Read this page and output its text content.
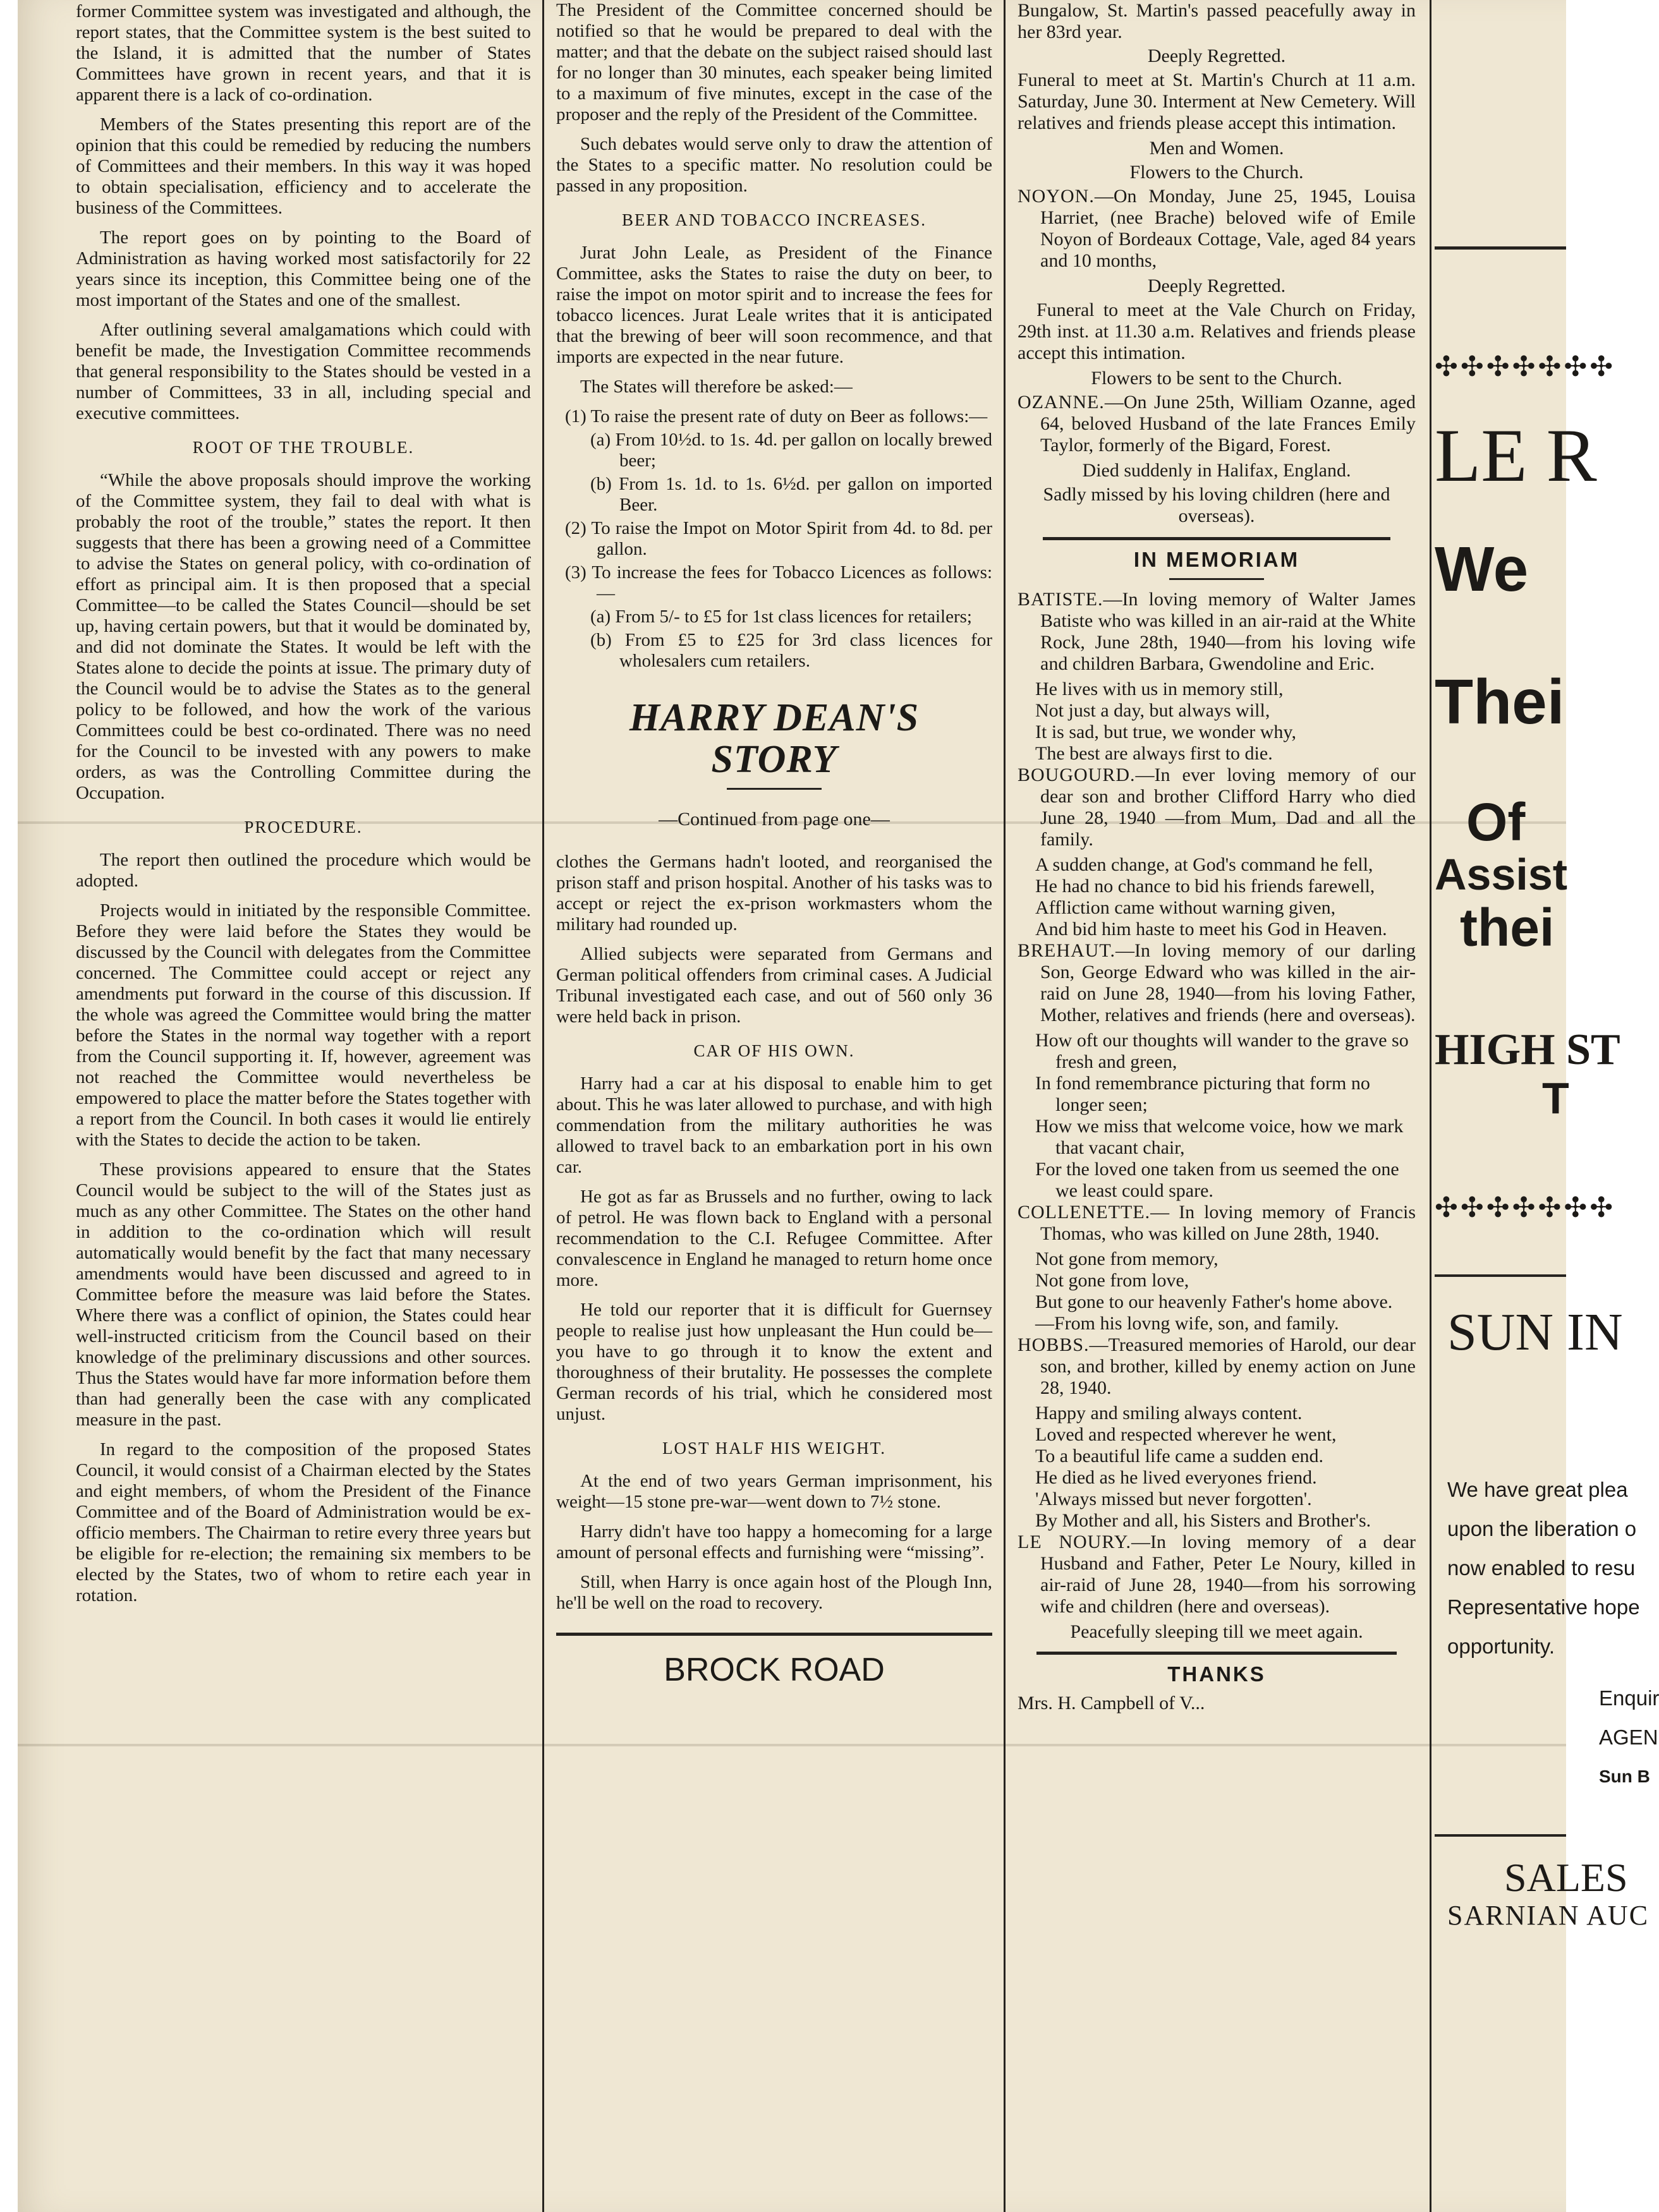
former Committee system was investigated and although, the report states, that the Committee system is the best suited to the Island, it is admitted that the number of States Committees have grown in recent years, and that it is apparent there is a lack of co-ordination.

Members of the States presenting this report are of the opinion that this could be remedied by reducing the numbers of Committees and their members. In this way it was hoped to obtain specialisation, efficiency and to accelerate the business of the Committees.

The report goes on by pointing to the Board of Administration as having worked most satisfactorily for 22 years since its inception, this Committee being one of the most important of the States and one of the smallest.

After outlining several amalgamations which could with benefit be made, the Investigation Committee recommends that general responsibility to the States should be vested in a number of Committees, 33 in all, including special and executive committees.

ROOT OF THE TROUBLE.

“While the above proposals should improve the working of the Committee system, they fail to deal with what is probably the root of the trouble,” states the report. It then suggests that there has been a growing need of a Committee to advise the States on general policy, with co-ordination of effort as principal aim. It is then proposed that a special Committee—to be called the States Council—should be set up, having certain powers, but that it would be dominated by, and did not dominate the States. It would be left with the States alone to decide the points at issue. The primary duty of the Council would be to advise the States as to the general policy to be followed, and how the work of the various Committees could be best co-ordinated. There was no need for the Council to be invested with any powers to make orders, as was the Controlling Committee during the Occupation.

PROCEDURE.

The report then outlined the procedure which would be adopted.

Projects would in initiated by the responsible Committee. Before they were laid before the States they would be discussed by the Council with delegates from the Committee concerned. The Committee could accept or reject any amendments put forward in the course of this discussion. If the whole was agreed the Committee would bring the matter before the States in the normal way together with a report from the Council supporting it. If, however, agreement was not reached the Committee would nevertheless be empowered to place the matter before the States together with a report from the Council. In both cases it would lie entirely with the States to decide the action to be taken.

These provisions appeared to ensure that the States Council would be subject to the will of the States just as much as any other Committee. The States on the other hand in addition to the co-ordination which will result automatically would benefit by the fact that many necessary amendments would have been discussed and agreed to in Committee before the measure was laid before the States. Where there was a conflict of opinion, the States could hear well-instructed criticism from the Council based on their knowledge of the preliminary discussions and other sources. Thus the States would have far more information before them than had generally been the case with any complicated measure in the past.

In regard to the composition of the proposed States Council, it would consist of a Chairman elected by the States and eight members, of whom the President of the Finance Committee and of the Board of Administration would be ex-officio members. The Chairman to retire every three years but be eligible for re-election; the remaining six members to be elected by the States, two of whom to retire each year in rotation.

The President of the Committee concerned should be notified so that he would be prepared to deal with the matter; and that the debate on the subject raised should last for no longer than 30 minutes, each speaker being limited to a maximum of five minutes, except in the case of the proposer and the reply of the President of the Committee.

Such debates would serve only to draw the attention of the States to a specific matter. No resolution could be passed in any proposition.

BEER AND TOBACCO INCREASES.

Jurat John Leale, as President of the Finance Committee, asks the States to raise the duty on beer, to raise the impot on motor spirit and to increase the fees for tobacco licences. Jurat Leale writes that it is anticipated that the brewing of beer will soon recommence, and that imports are expected in the near future.

The States will therefore be asked:—

(1) To raise the present rate of duty on Beer as follows:—

(a) From 10½d. to 1s. 4d. per gallon on locally brewed beer;

(b) From 1s. 1d. to 1s. 6½d. per gallon on imported Beer.

(2) To raise the Impot on Motor Spirit from 4d. to 8d. per gallon.

(3) To increase the fees for Tobacco Licences as follows:—

(a) From 5/- to £5 for 1st class licences for retailers;

(b) From £5 to £25 for 3rd class licences for wholesalers cum retailers.

HARRY DEAN'S
STORY
—Continued from page one—

clothes the Germans hadn't looted, and reorganised the prison staff and prison hospital. Another of his tasks was to accept or reject the ex-prison workmasters whom the military had rounded up.

Allied subjects were separated from Germans and German political offenders from criminal cases. A Judicial Tribunal investigated each case, and out of 560 only 36 were held back in prison.

CAR OF HIS OWN.

Harry had a car at his disposal to enable him to get about. This he was later allowed to purchase, and with high commendation from the military authorities he was allowed to travel back to an embarkation port in his own car.

He got as far as Brussels and no further, owing to lack of petrol. He was flown back to England with a personal recommendation to the C.I. Refugee Committee. After convalescence in England he managed to return home once more.

He told our reporter that it is difficult for Guernsey people to realise just how unpleasant the Hun could be—you have to go through it to know the extent and thoroughness of their brutality. He possesses the complete German records of his trial, which he considered most unjust.

LOST HALF HIS WEIGHT.

At the end of two years German imprisonment, his weight—15 stone pre-war—went down to 7½ stone.

Harry didn't have too happy a homecoming for a large amount of personal effects and furnishing were “missing”.

Still, when Harry is once again host of the Plough Inn, he'll be well on the road to recovery.

BROCK ROAD

Bungalow, St. Martin's passed peacefully away in her 83rd year.

Deeply Regretted.

Funeral to meet at St. Martin's Church at 11 a.m. Saturday, June 30. Interment at New Cemetery. Will relatives and friends please accept this intimation.

Men and Women.

Flowers to the Church.

NOYON.—On Monday, June 25, 1945, Louisa Harriet, (nee Brache) beloved wife of Emile Noyon of Bordeaux Cottage, Vale, aged 84 years and 10 months,

Deeply Regretted.

Funeral to meet at the Vale Church on Friday, 29th inst. at 11.30 a.m. Relatives and friends please accept this intimation.

Flowers to be sent to the Church.

OZANNE.—On June 25th, William Ozanne, aged 64, beloved Husband of the late Frances Emily Taylor, formerly of the Bigard, Forest.

Died suddenly in Halifax, England.

Sadly missed by his loving children (here and overseas).

IN MEMORIAM

BATISTE.—In loving memory of Walter James Batiste who was killed in an air-raid at the White Rock, June 28th, 1940—from his loving wife and children Barbara, Gwendoline and Eric.

He lives with us in memory still,

Not just a day, but always will,

It is sad, but true, we wonder why,

The best are always first to die.

BOUGOURD.—In ever loving memory of our dear son and brother Clifford Harry who died June 28, 1940 —from Mum, Dad and all the family.

A sudden change, at God's command he fell,

He had no chance to bid his friends farewell,

Affliction came without warning given,

And bid him haste to meet his God in Heaven.

BREHAUT.—In loving memory of our darling Son, George Edward who was killed in the air-raid on June 28, 1940—from his loving Father, Mother, relatives and friends (here and overseas).

How oft our thoughts will wander to the grave so fresh and green,

In fond remembrance picturing that form no longer seen;

How we miss that welcome voice, how we mark that vacant chair,

For the loved one taken from us seemed the one we least could spare.

COLLENETTE.— In loving memory of Francis Thomas, who was killed on June 28th, 1940.

Not gone from memory,

Not gone from love,

But gone to our heavenly Father's home above.

—From his lovng wife, son, and family.

HOBBS.—Treasured memories of Harold, our dear son, and brother, killed by enemy action on June 28, 1940.

Happy and smiling always content.

Loved and respected wherever he went,

To a beautiful life came a sudden end.

He died as he lived everyones friend.

'Always missed but never forgotten'.

By Mother and all, his Sisters and Brother's.

LE NOURY.—In loving memory of a dear Husband and Father, Peter Le Noury, killed in air-raid of June 28, 1940—from his sorrowing wife and children (here and overseas).

Peacefully sleeping till we meet again.

THANKS

Mrs. H. Campbell of V...

✣✣✣✣✣✣✣
LE R
We
Thei
Of
Assist
thei
HIGH ST
T
✣✣✣✣✣✣✣
SUN IN
We have great plea
upon the liberation o
now enabled to resu
Representative hope
opportunity.
Enquir
AGEN
Sun B
SALES
SARNIAN AUC
